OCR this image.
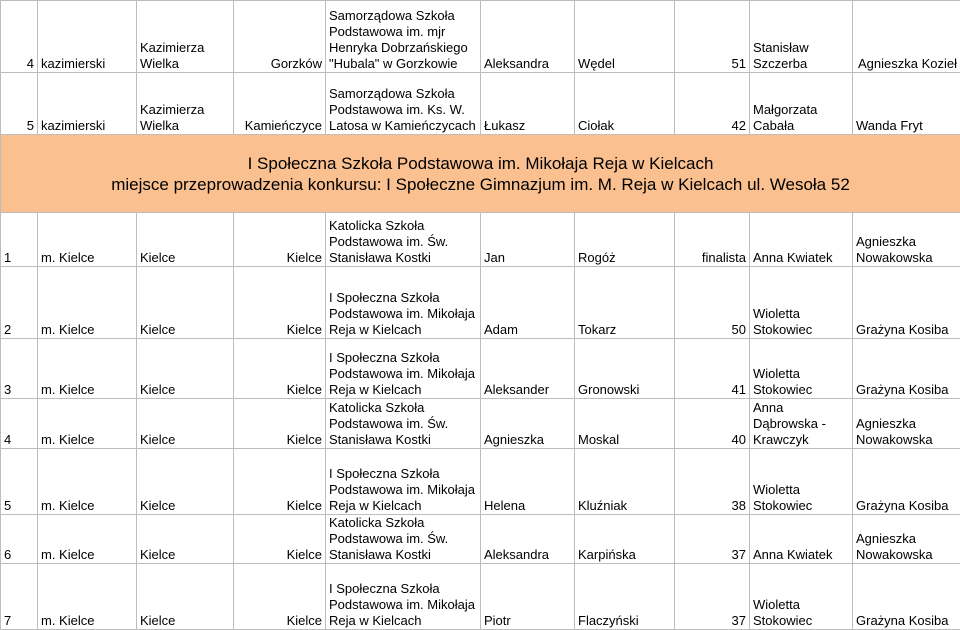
4	kazimierski	Kazimierza Wielka	Gorzków	Samorządowa Szkoła Podstawowa im. mjr Henryka Dobrzańskiego "Hubala" w Gorzkowie	Aleksandra	Wędel	51	Stanisław Szczerba	Agnieszka Kozieł
5	kazimierski	Kazimierza Wielka	Kamieńczyce	Samorządowa Szkoła Podstawowa im. Ks. W. Latosa w Kamieńczycach	Łukasz	Ciołak	42	Małgorzata Cabała	Wanda Fryt

I Społeczna Szkoła Podstawowa im. Mikołaja Reja w Kielcach
miejsce przeprowadzenia konkursu: I Społeczne Gimnazjum im. M. Reja w Kielcach ul. Wesoła 52									

1	m. Kielce	Kielce	Kielce	Katolicka Szkoła Podstawowa im. Św. Stanisława Kostki	Jan	Rogóż	finalista	Anna Kwiatek	Agnieszka Nowakowska
2	m. Kielce	Kielce	Kielce	I Społeczna Szkoła Podstawowa im. Mikołaja Reja w Kielcach	Adam	Tokarz	50	Wioletta Stokowiec	Grażyna Kosiba
3	m. Kielce	Kielce	Kielce	I Społeczna Szkoła Podstawowa im. Mikołaja Reja w Kielcach	Aleksander	Gronowski	41	Wioletta Stokowiec	Grażyna Kosiba
4	m. Kielce	Kielce	Kielce	Katolicka Szkoła Podstawowa im. Św. Stanisława Kostki	Agnieszka	Moskal	40	Anna Dąbrowska - Krawczyk	Agnieszka Nowakowska
5	m. Kielce	Kielce	Kielce	I Społeczna Szkoła Podstawowa im. Mikołaja Reja w Kielcach	Helena	Kluźniak	38	Wioletta Stokowiec	Grażyna Kosiba
6	m. Kielce	Kielce	Kielce	Katolicka Szkoła Podstawowa im. Św. Stanisława Kostki	Aleksandra	Karpińska	37	Anna Kwiatek	Agnieszka Nowakowska
7	m. Kielce	Kielce	Kielce	I Społeczna Szkoła Podstawowa im. Mikołaja Reja w Kielcach	Piotr	Flaczyński	37	Wioletta Stokowiec	Grażyna Kosiba
